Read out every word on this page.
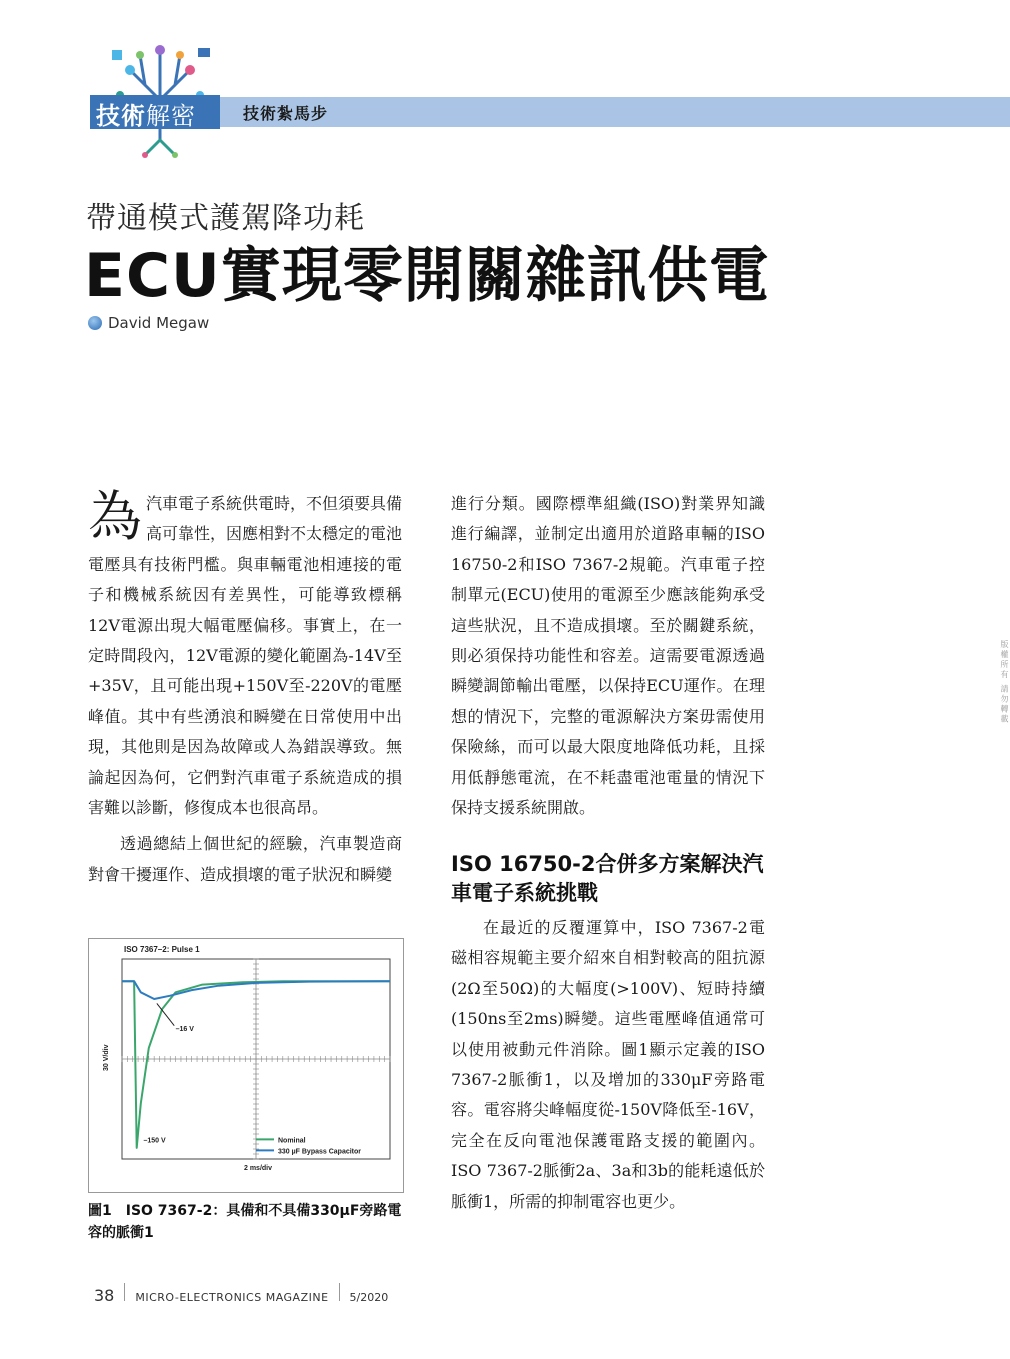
技術解密	技術紮馬步
帶通模式護駕降功耗
ECU實現零開關雜訊供電
David Megaw

為汽車電子系統供電時，不但須要具備高可靠性，因應相對不太穩定的電池電壓具有技術門檻。與車輛電池相連接的電子和機械系統因有差異性，可能導致標稱12V電源出現大幅電壓偏移。事實上，在一定時間段內，12V電源的變化範圍為-14V至+35V，且可能出現+150V至-220V的電壓峰值。其中有些湧浪和瞬變在日常使用中出現，其他則是因為故障或人為錯誤導致。無論起因為何，它們對汽車電子系統造成的損害難以診斷，修復成本也很高昂。

透過總結上個世紀的經驗，汽車製造商對會干擾運作、造成損壞的電子狀況和瞬變

ISO 7367–2: Pulse 1
30 V/div
2 ms/div
–16 V
–150 V	Nominal
330 µF Bypass Capacitor
圖1　ISO 7367-2：具備和不具備330μF旁路電容的脈衝1

進行分類。國際標準組織(ISO)對業界知識進行編譯，並制定出適用於道路車輛的ISO 16750-2和ISO 7367-2規範。汽車電子控制單元(ECU)使用的電源至少應該能夠承受這些狀況，且不造成損壞。至於關鍵系統，則必須保持功能性和容差。這需要電源透過瞬變調節輸出電壓，以保持ECU運作。在理想的情況下，完整的電源解決方案毋需使用保險絲，而可以最大限度地降低功耗，且採用低靜態電流，在不耗盡電池電量的情況下保持支援系統開啟。

ISO 16750-2合併多方案解決汽車電子系統挑戰

在最近的反覆運算中，ISO 7367-2電磁相容規範主要介紹來自相對較高的阻抗源(2Ω至50Ω)的大幅度(>100V)、短時持續(150ns至2ms)瞬變。這些電壓峰值通常可以使用被動元件消除。圖1顯示定義的ISO 7367-2脈衝1，以及增加的330μF旁路電容。電容將尖峰幅度從-150V降低至-16V，完全在反向電池保護電路支援的範圍內。ISO 7367-2脈衝2a、3a和3b的能耗遠低於脈衝1，所需的抑制電容也更少。

版權所有 請勿轉載
38 MICRO-ELECTRONICS MAGAZINE 5/2020
